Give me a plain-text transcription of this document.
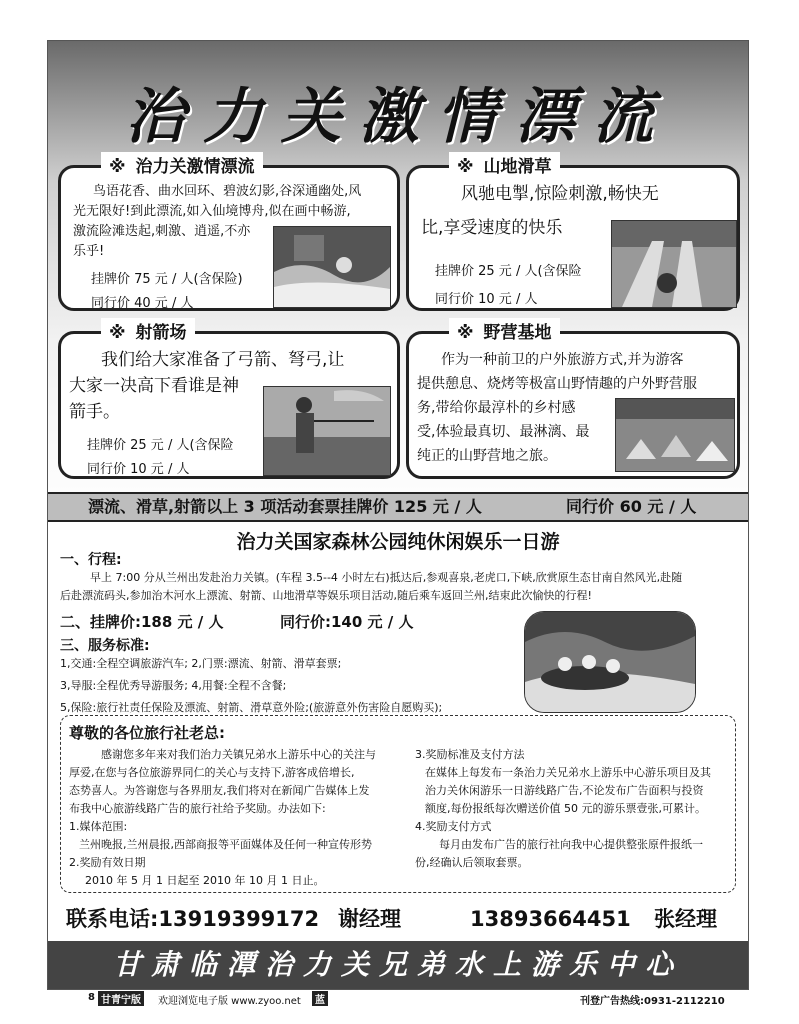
治力关激情漂流
※ 治力关激情漂流
鸟语花香、曲水回环、碧波幻影,谷深通幽处,风
光无限好!到此漂流,如入仙境博舟,似在画中畅游,
激流险滩迭起,刺激、逍遥,不亦
乐乎!
挂牌价 75 元 / 人(含保险)
同行价 40 元 / 人
※ 山地滑草
风驰电掣,惊险刺激,畅快无
比,享受速度的快乐
挂牌价 25 元 / 人(含保险
同行价 10 元 / 人
※ 射箭场
我们给大家准备了弓箭、弩弓,让
大家一决高下看谁是神
箭手。
挂牌价 25 元 / 人(含保险
同行价 10 元 / 人
※ 野营基地
作为一种前卫的户外旅游方式,并为游客
提供憩息、烧烤等极富山野情趣的户外野营服
务,带给你最淳朴的乡村感
受,体验最真切、最淋漓、最
纯正的山野营地之旅。
漂流、滑草,射箭以上 3 项活动套票挂牌价 125 元 / 人	同行价 60 元 / 人
治力关国家森林公园纯休闲娱乐一日游
一、行程:
早上 7:00 分从兰州出发赴治力关镇。(车程 3.5--4 小时左右)抵达后,参观喜泉,老虎口,下峡,欣赏原生态甘南自然风光,赴随
后赴漂流码头,参加治木河水上漂流、射箭、山地滑草等娱乐项目活动,随后乘车返回兰州,结束此次愉快的行程!
二、挂牌价:188 元 / 人	同行价:140 元 / 人
三、服务标准:
1,交通:全程空调旅游汽车; 2,门票:漂流、射箭、滑草套票;
3,导服:全程优秀导游服务; 4,用餐:全程不含餐;
5,保险:旅行社责任保险及漂流、射箭、滑草意外险;(旅游意外伤害险自愿购买);
尊敬的各位旅行社老总:
感谢您多年来对我们治力关镇兄弟水上游乐中心的关注与
厚爱,在您与各位旅游界同仁的关心与支持下,游客成倍增长,
态势喜人。为答谢您与各界朋友,我们将对在新闻广告媒体上发
布我中心旅游线路广告的旅行社给予奖励。办法如下:
1.媒体范围:
兰州晚报,兰州晨报,西部商报等平面媒体及任何一种宣传形势
2.奖励有效日期
2010 年 5 月 1 日起至 2010 年 10 月 1 日止。
3.奖励标准及支付方法
在媒体上每发布一条治力关兄弟水上游乐中心游乐项目及其
治力关休闲游乐一日游线路广告,不论发布广告面积与投资
额度,每份报纸每次赠送价值 50 元的游乐票壹张,可累计。
4.奖励支付方式
每月由发布广告的旅行社向我中心提供整张原件报纸一
份,经确认后领取套票。
联系电话:13919399172 谢经理	13893664451 张经理
甘肃临潭治力关兄弟水上游乐中心
8 甘青宁版	欢迎浏览电子版 www.zyoo.net	蓝	刊登广告热线:0931-2112210
